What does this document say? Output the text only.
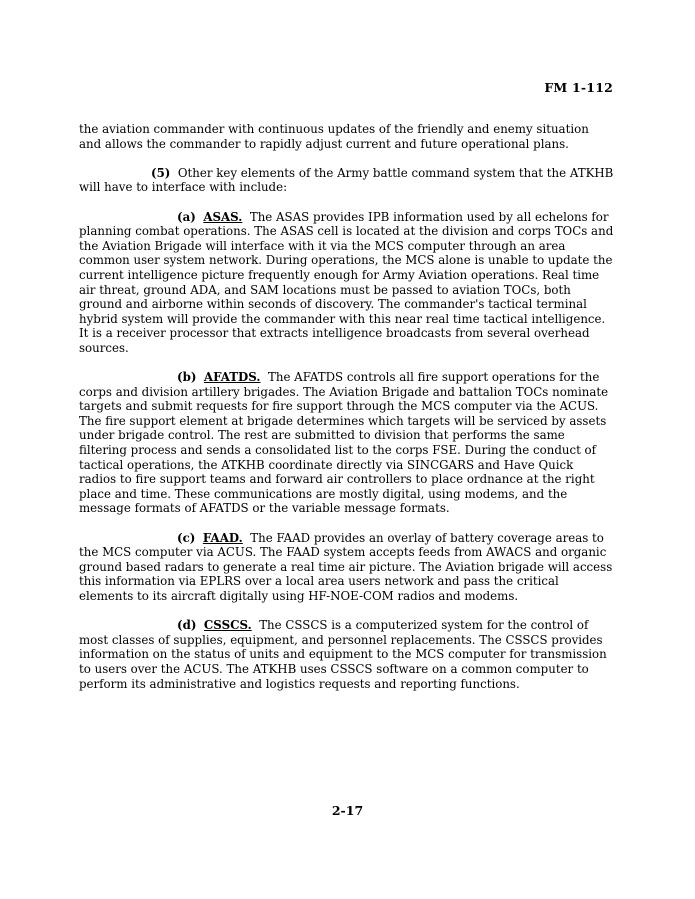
FM 1-112

the aviation commander with continuous updates of the friendly and enemy situation and allows the commander to rapidly adjust current and future operational plans.

(5) Other key elements of the Army battle command system that the ATKHB will have to interface with include:

(a) ASAS. The ASAS provides IPB information used by all echelons for planning combat operations. The ASAS cell is located at the division and corps TOCs and the Aviation Brigade will interface with it via the MCS computer through an area common user system network. During operations, the MCS alone is unable to update the current intelligence picture frequently enough for Army Aviation operations. Real time air threat, ground ADA, and SAM locations must be passed to aviation TOCs, both ground and airborne within seconds of discovery. The commander's tactical terminal hybrid system will provide the commander with this near real time tactical intelligence. It is a receiver processor that extracts intelligence broadcasts from several overhead sources.

(b) AFATDS. The AFATDS controls all fire support operations for the corps and division artillery brigades. The Aviation Brigade and battalion TOCs nominate targets and submit requests for fire support through the MCS computer via the ACUS. The fire support element at brigade determines which targets will be serviced by assets under brigade control. The rest are submitted to division that performs the same filtering process and sends a consolidated list to the corps FSE. During the conduct of tactical operations, the ATKHB coordinate directly via SINCGARS and Have Quick radios to fire support teams and forward air controllers to place ordnance at the right place and time. These communications are mostly digital, using modems, and the message formats of AFATDS or the variable message formats.

(c) FAAD. The FAAD provides an overlay of battery coverage areas to the MCS computer via ACUS. The FAAD system accepts feeds from AWACS and organic ground based radars to generate a real time air picture. The Aviation brigade will access this information via EPLRS over a local area users network and pass the critical elements to its aircraft digitally using HF-NOE-COM radios and modems.

(d) CSSCS. The CSSCS is a computerized system for the control of most classes of supplies, equipment, and personnel replacements. The CSSCS provides information on the status of units and equipment to the MCS computer for transmission to users over the ACUS. The ATKHB uses CSSCS software on a common computer to perform its administrative and logistics requests and reporting functions.

2-17
